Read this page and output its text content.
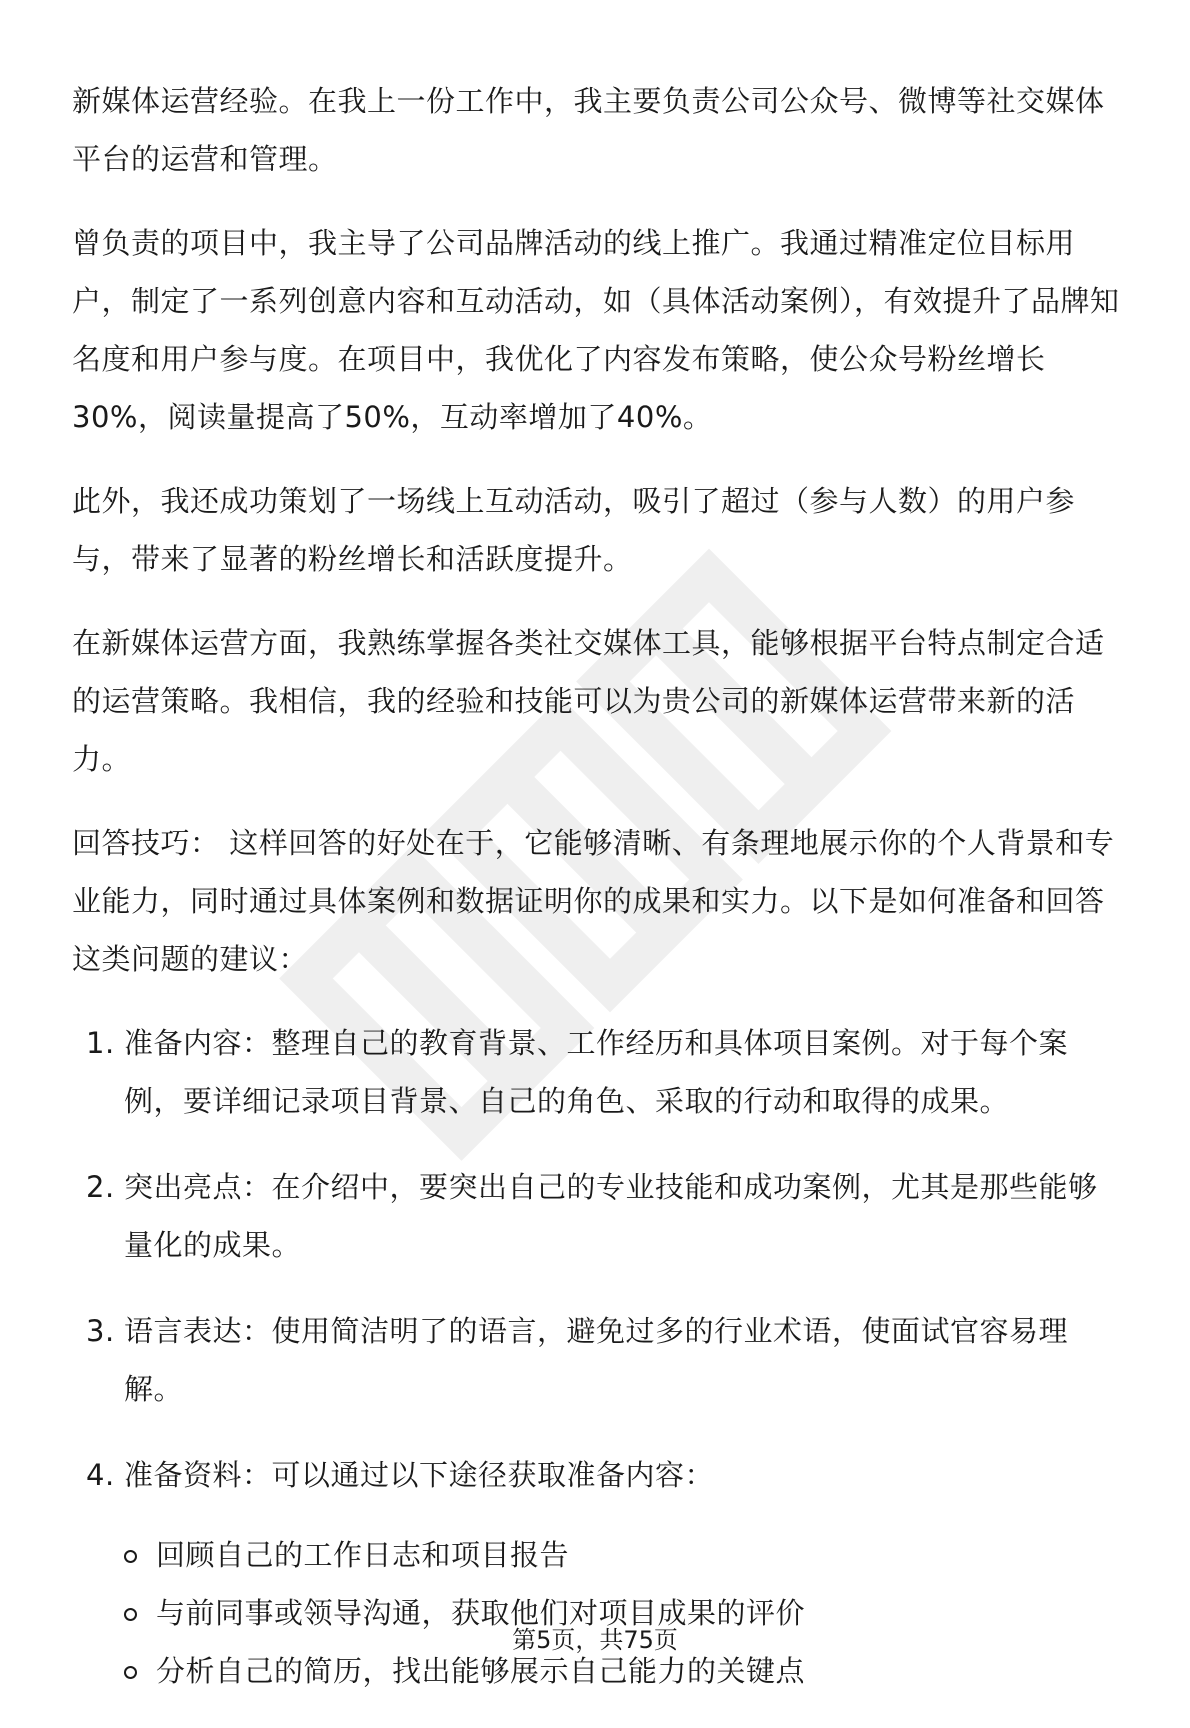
新媒体运营经验。在我上一份工作中，我主要负责公司公众号、微博等社交媒体平台的运营和管理。

曾负责的项目中，我主导了公司品牌活动的线上推广。我通过精准定位目标用户，制定了一系列创意内容和互动活动，如（具体活动案例），有效提升了品牌知名度和用户参与度。在项目中，我优化了内容发布策略，使公众号粉丝增长30%，阅读量提高了50%，互动率增加了40%。

此外，我还成功策划了一场线上互动活动，吸引了超过（参与人数）的用户参与，带来了显著的粉丝增长和活跃度提升。

在新媒体运营方面，我熟练掌握各类社交媒体工具，能够根据平台特点制定合适的运营策略。我相信，我的经验和技能可以为贵公司的新媒体运营带来新的活力。

回答技巧： 这样回答的好处在于，它能够清晰、有条理地展示你的个人背景和专业能力，同时通过具体案例和数据证明你的成果和实力。以下是如何准备和回答这类问题的建议：

1. 准备内容：整理自己的教育背景、工作经历和具体项目案例。对于每个案例，要详细记录项目背景、自己的角色、采取的行动和取得的成果。
2. 突出亮点：在介绍中，要突出自己的专业技能和成功案例，尤其是那些能够量化的成果。
3. 语言表达：使用简洁明了的语言，避免过多的行业术语，使面试官容易理解。
4. 准备资料：可以通过以下途径获取准备内容：
回顾自己的工作日志和项目报告
与前同事或领导沟通，获取他们对项目成果的评价
分析自己的简历，找出能够展示自己能力的关键点
第5页，共75页
